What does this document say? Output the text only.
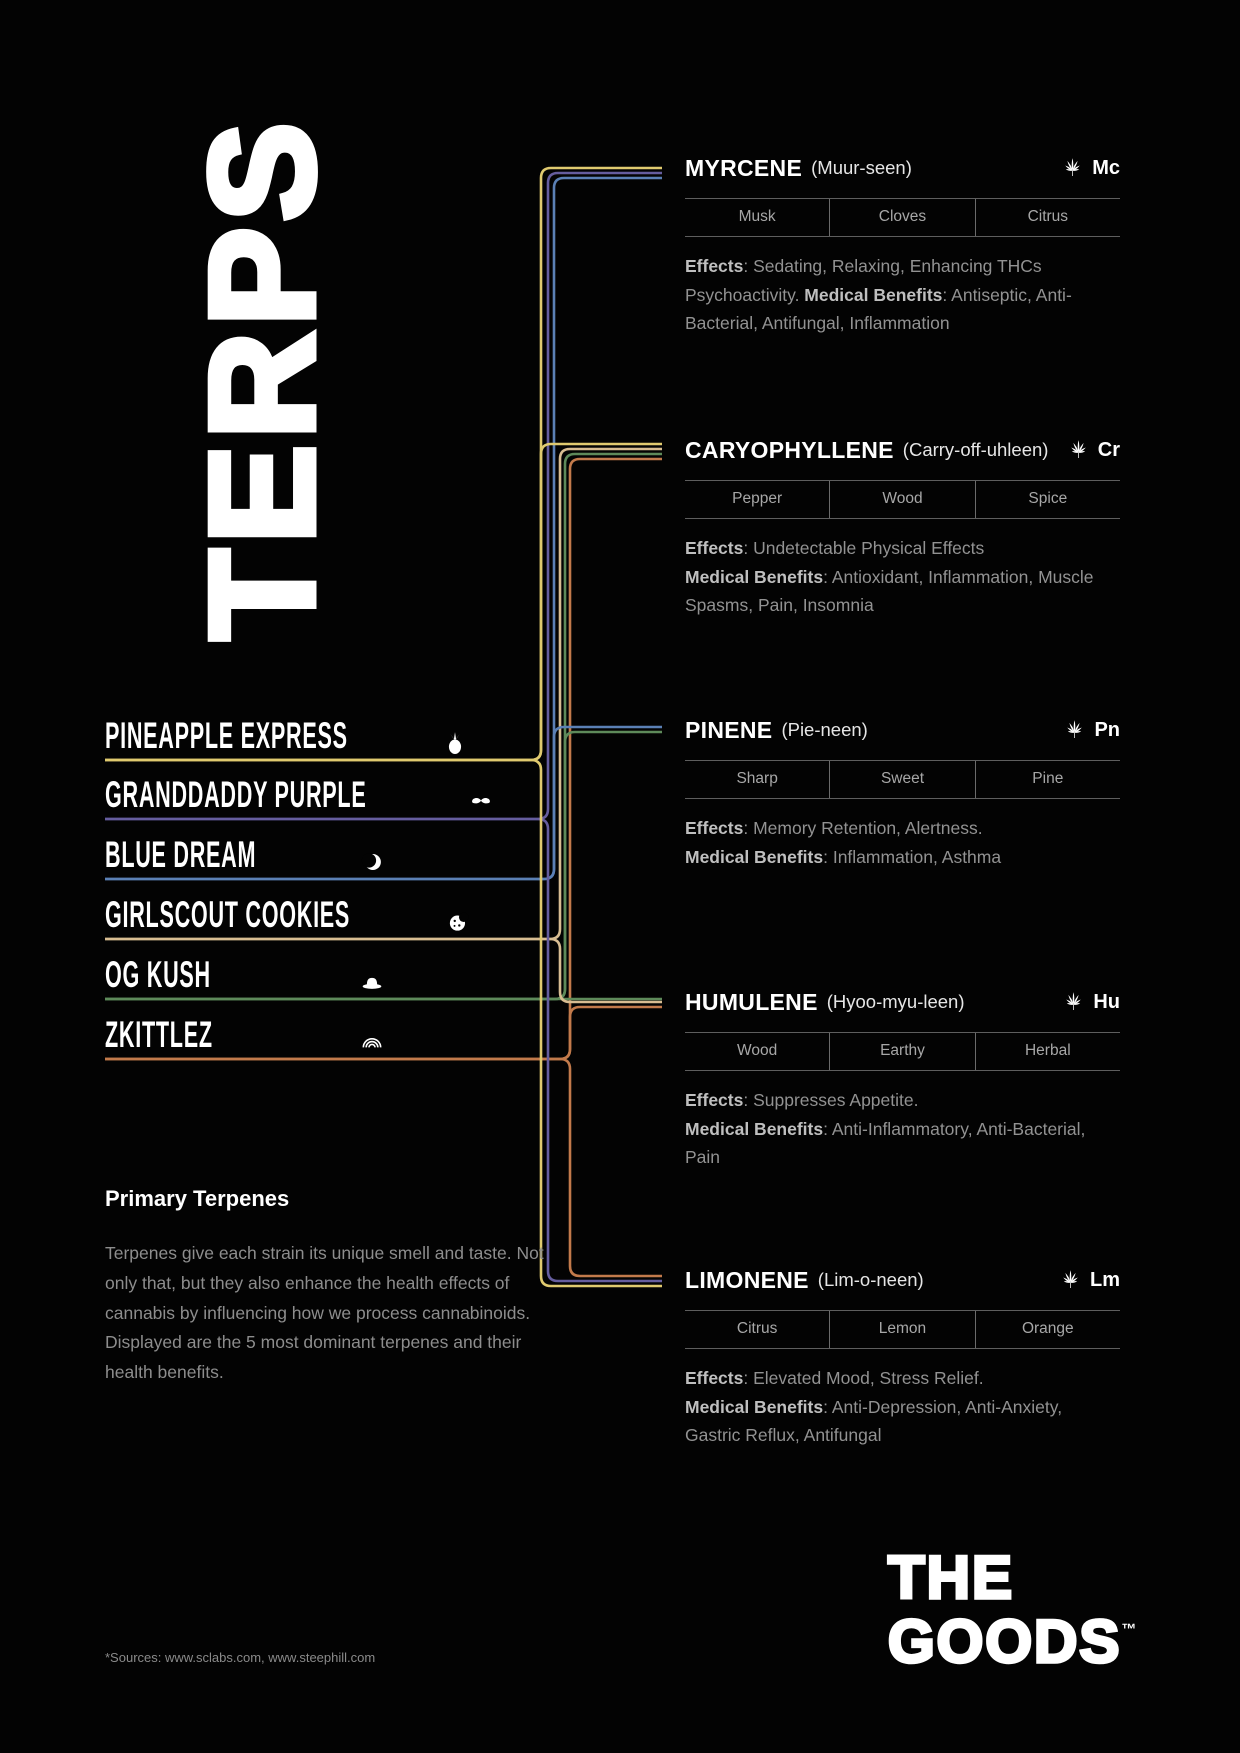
TERPS
PINEAPPLE EXPRESS
GRANDDADDY PURPLE
BLUE DREAM
GIRLSCOUT COOKIES
OG KUSH
ZKITTLEZ
MYRCENE (Muur-seen)	Mc
Musk	Cloves	Citrus
Effects: Sedating, Relaxing, Enhancing THCs Psychoactivity. Medical Benefits: Antiseptic, Anti-Bacterial, Antifungal, Inflammation
CARYOPHYLLENE (Carry-off-uhleen) Cr
Pepper	Wood	Spice
Effects: Undetectable Physical Effects
Medical Benefits: Antioxidant, Inflammation, Muscle Spasms, Pain, Insomnia
PINENE (Pie-neen)	Pn
Sharp	Sweet	Pine
Effects: Memory Retention, Alertness.
Medical Benefits: Inflammation, Asthma
HUMULENE (Hyoo-myu-leen)	Hu
Wood	Earthy	Herbal
Effects: Suppresses Appetite.
Medical Benefits: Anti-Inflammatory, Anti-Bacterial, Pain
LIMONENE (Lim-o-neen)	Lm
Citrus	Lemon	Orange
Effects: Elevated Mood, Stress Relief.
Medical Benefits: Anti-Depression, Anti-Anxiety, Gastric Reflux, Antifungal
Primary Terpenes

Terpenes give each strain its unique smell and taste. Not only that, but they also enhance the health effects of cannabis by influencing how we process cannabinoids. Displayed are the 5 most dominant terpenes and their health benefits.

*Sources: www.sclabs.com, www.steephill.com
THE
GOODS™
